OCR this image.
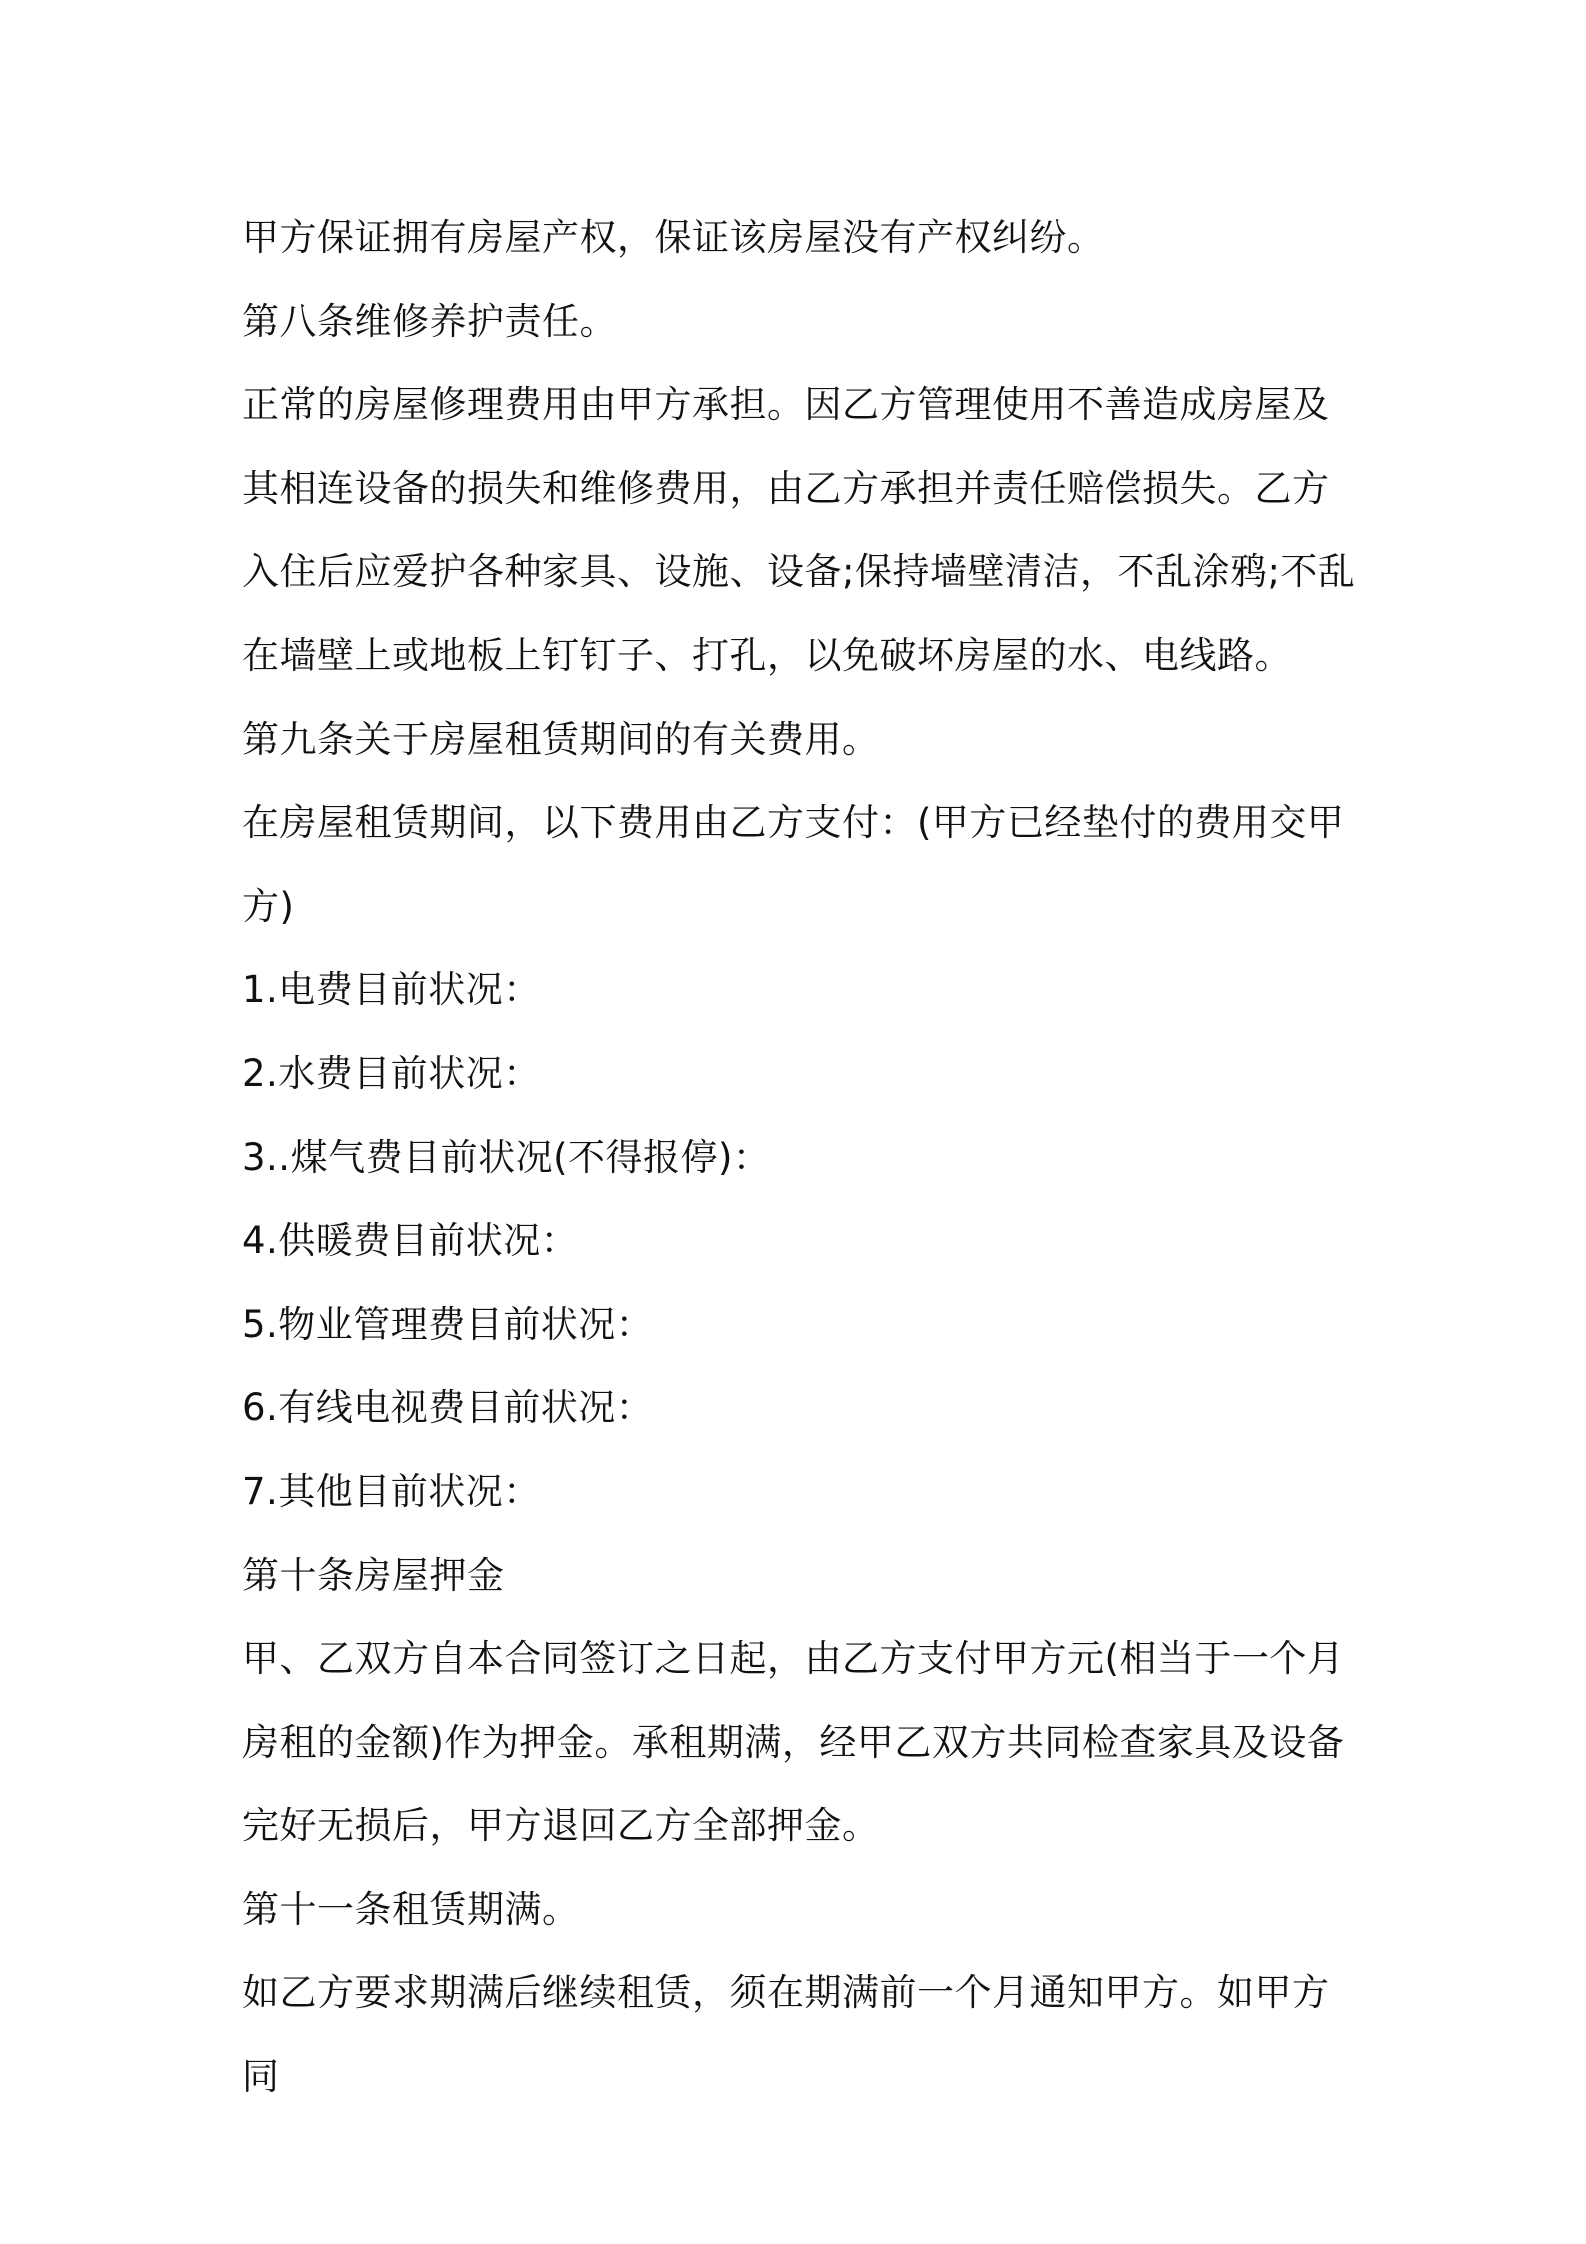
甲方保证拥有房屋产权，保证该房屋没有产权纠纷。

第八条维修养护责任。

正常的房屋修理费用由甲方承担。因乙方管理使用不善造成房屋及其相连设备的损失和维修费用，由乙方承担并责任赔偿损失。乙方入住后应爱护各种家具、设施、设备;保持墙壁清洁，不乱涂鸦;不乱在墙壁上或地板上钉钉子、打孔，以免破坏房屋的水、电线路。

第九条关于房屋租赁期间的有关费用。

在房屋租赁期间，以下费用由乙方支付：(甲方已经垫付的费用交甲方)

1.电费目前状况：

2.水费目前状况：

3..煤气费目前状况(不得报停)：

4.供暖费目前状况：

5.物业管理费目前状况：

6.有线电视费目前状况：

7.其他目前状况：

第十条房屋押金

甲、乙双方自本合同签订之日起，由乙方支付甲方元(相当于一个月房租的金额)作为押金。承租期满，经甲乙双方共同检查家具及设备完好无损后，甲方退回乙方全部押金。

第十一条租赁期满。

如乙方要求期满后继续租赁，须在期满前一个月通知甲方。如甲方同
